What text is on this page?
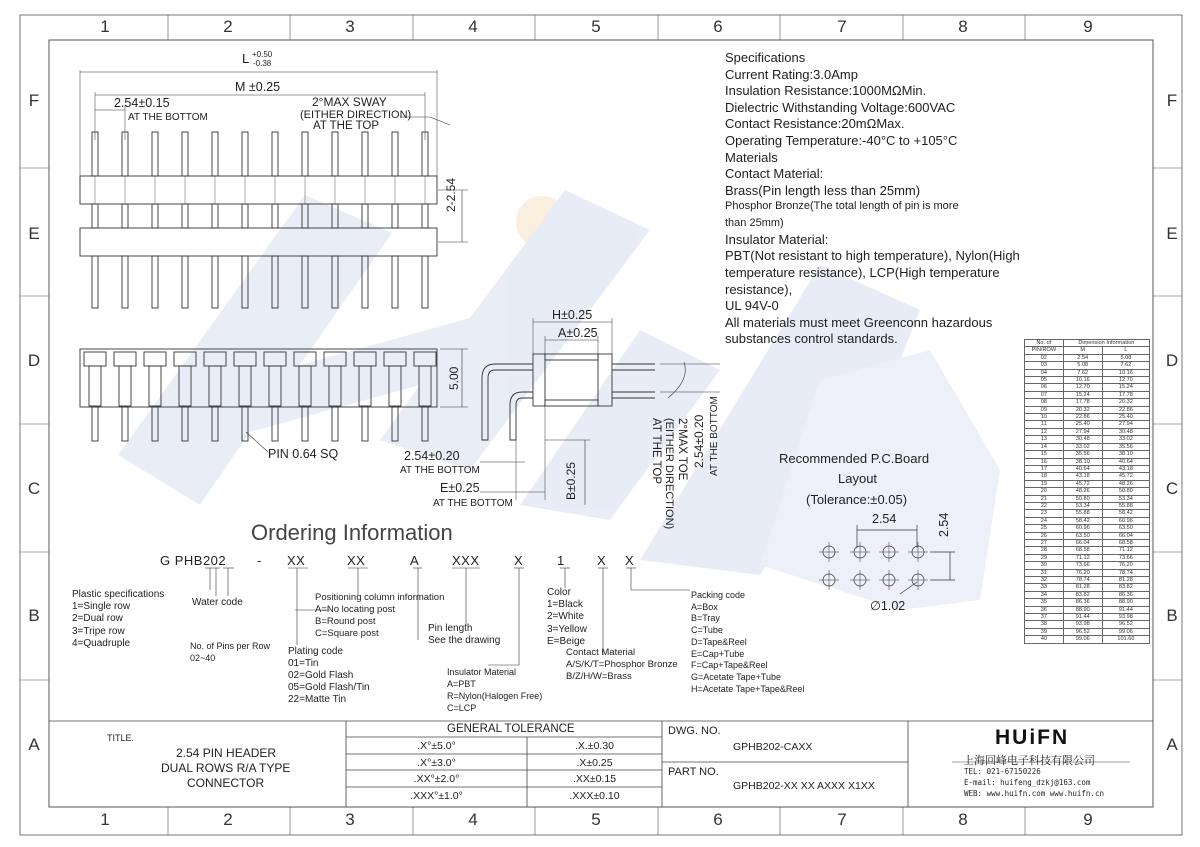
1	2	3	4	5	6	7	8	9
1	2	3	4	5	6	7	8	9
F
E
D
C
B
A
F
E
D
C
B
A
L +0.50
-0.38
M ±0.25
2.54±0.15
AT THE BOTTOM
2°MAX SWAY
(EITHER DIRECTION)
AT THE TOP
2-2.54
5.00
PIN 0.64 SQ
H±0.25
A±0.25
2.54±0.20
AT THE BOTTOM
E±0.25
AT THE BOTTOM
B±0.25
2°MAX TOE
(EITHER DIRECTION)
AT THE TOP	2.54±0.20 AT THE BOTTOM
Specifications
Current Rating:3.0Amp
Insulation Resistance:1000MΩMin.
Dielectric Withstanding Voltage:600VAC
Contact Resistance:20mΩMax.
Operating Temperature:-40°C to +105°C
Materials
Contact Material:
Brass(Pin length less than 25mm)
Phosphor Bronze(The total length of pin is more
than 25mm)
Insulator Material:
PBT(Not resistant to high temperature), Nylon(High
temperature resistance), LCP(High temperature
resistance),
UL 94V-0
All materials must meet Greenconn hazardous
substances control standards.
Recommended P.C.Board
Layout
(Tolerance:±0.05)
2.54	2.54
∅1.02
Ordering Information
G PHB202 - XX	XX	A	XXX	X	1 X X
Plastic specifications
1=Single row
2=Dual row
3=Tripe row
4=Quadruple
Water code
No. of Pins per Row
02~40
Positioning column information
A=No locating post
B=Round post
C=Square post
Plating code
01=Tin
02=Gold Flash
05=Gold Flash/Tin
22=Matte Tin
Pin length
See the drawing
Insulator Material
A=PBT
R=Nylon(Halogen Free)
C=LCP
Color
1=Black
2=White
3=Yellow
E=Beige
Contact Material
A/S/K/T=Phosphor Bronze
B/Z/H/W=Brass
Packing code
A=Box
B=Tray
C=Tube
D=Tape&Reel
E=Cap+Tube
F=Cap+Tape&Reel
G=Acetate Tape+Tube
H=Acetate Tape+Tape&Reel
No. of	Dimension Information	
PIN/ROW	M	L
02	2.54	5.08
03	5.08	7.62
04	7.62	10.16
05	10.16	12.70
06	12.70	15.24
07	15.24	17.78
08	17.78	20.32
09	20.32	22.86
10	22.86	25.40
11	25.40	27.94
12	27.94	30.48
13	30.48	33.02
14	33.02	35.56
15	35.56	38.10
16	38.10	40.64
17	40.64	43.18
18	43.18	45.72
19	45.72	48.26
20	48.26	50.80
21	50.80	53.34
22	53.34	55.88
23	55.88	58.42
24	58.42	60.96
25	60.96	63.50
26	63.50	66.04
27	66.04	68.58
28	68.58	71.12
29	71.12	73.66
30	73.66	76.20
31	76.20	78.74
32	78.74	81.28
33	81.28	83.82
34	83.82	86.36
35	86.36	88.90
36	88.90	91.44
37	91.44	93.98
38	93.98	96.52
39	96.52	99.06
40	99.06	101.60
TITLE.
2.54 PIN HEADER
DUAL ROWS R/A TYPE
CONNECTOR
GENERAL TOLERANCE
.X°±5.0°	.X.±0.30
.X°±3.0°	.X±0.25
.XX°±2.0°	.XX±0.15
.XXX°±1.0°	.XXX±0.10
DWG. NO.
GPHB202-CAXX
PART NO.
GPHB202-XX XX AXXX X1XX
HUiFN
上海回峰电子科技有限公司
TEL: 021-67150226
E-mail: huifeng_dzkj@163.com
WEB: www.huifn.com www.huifn.cn
